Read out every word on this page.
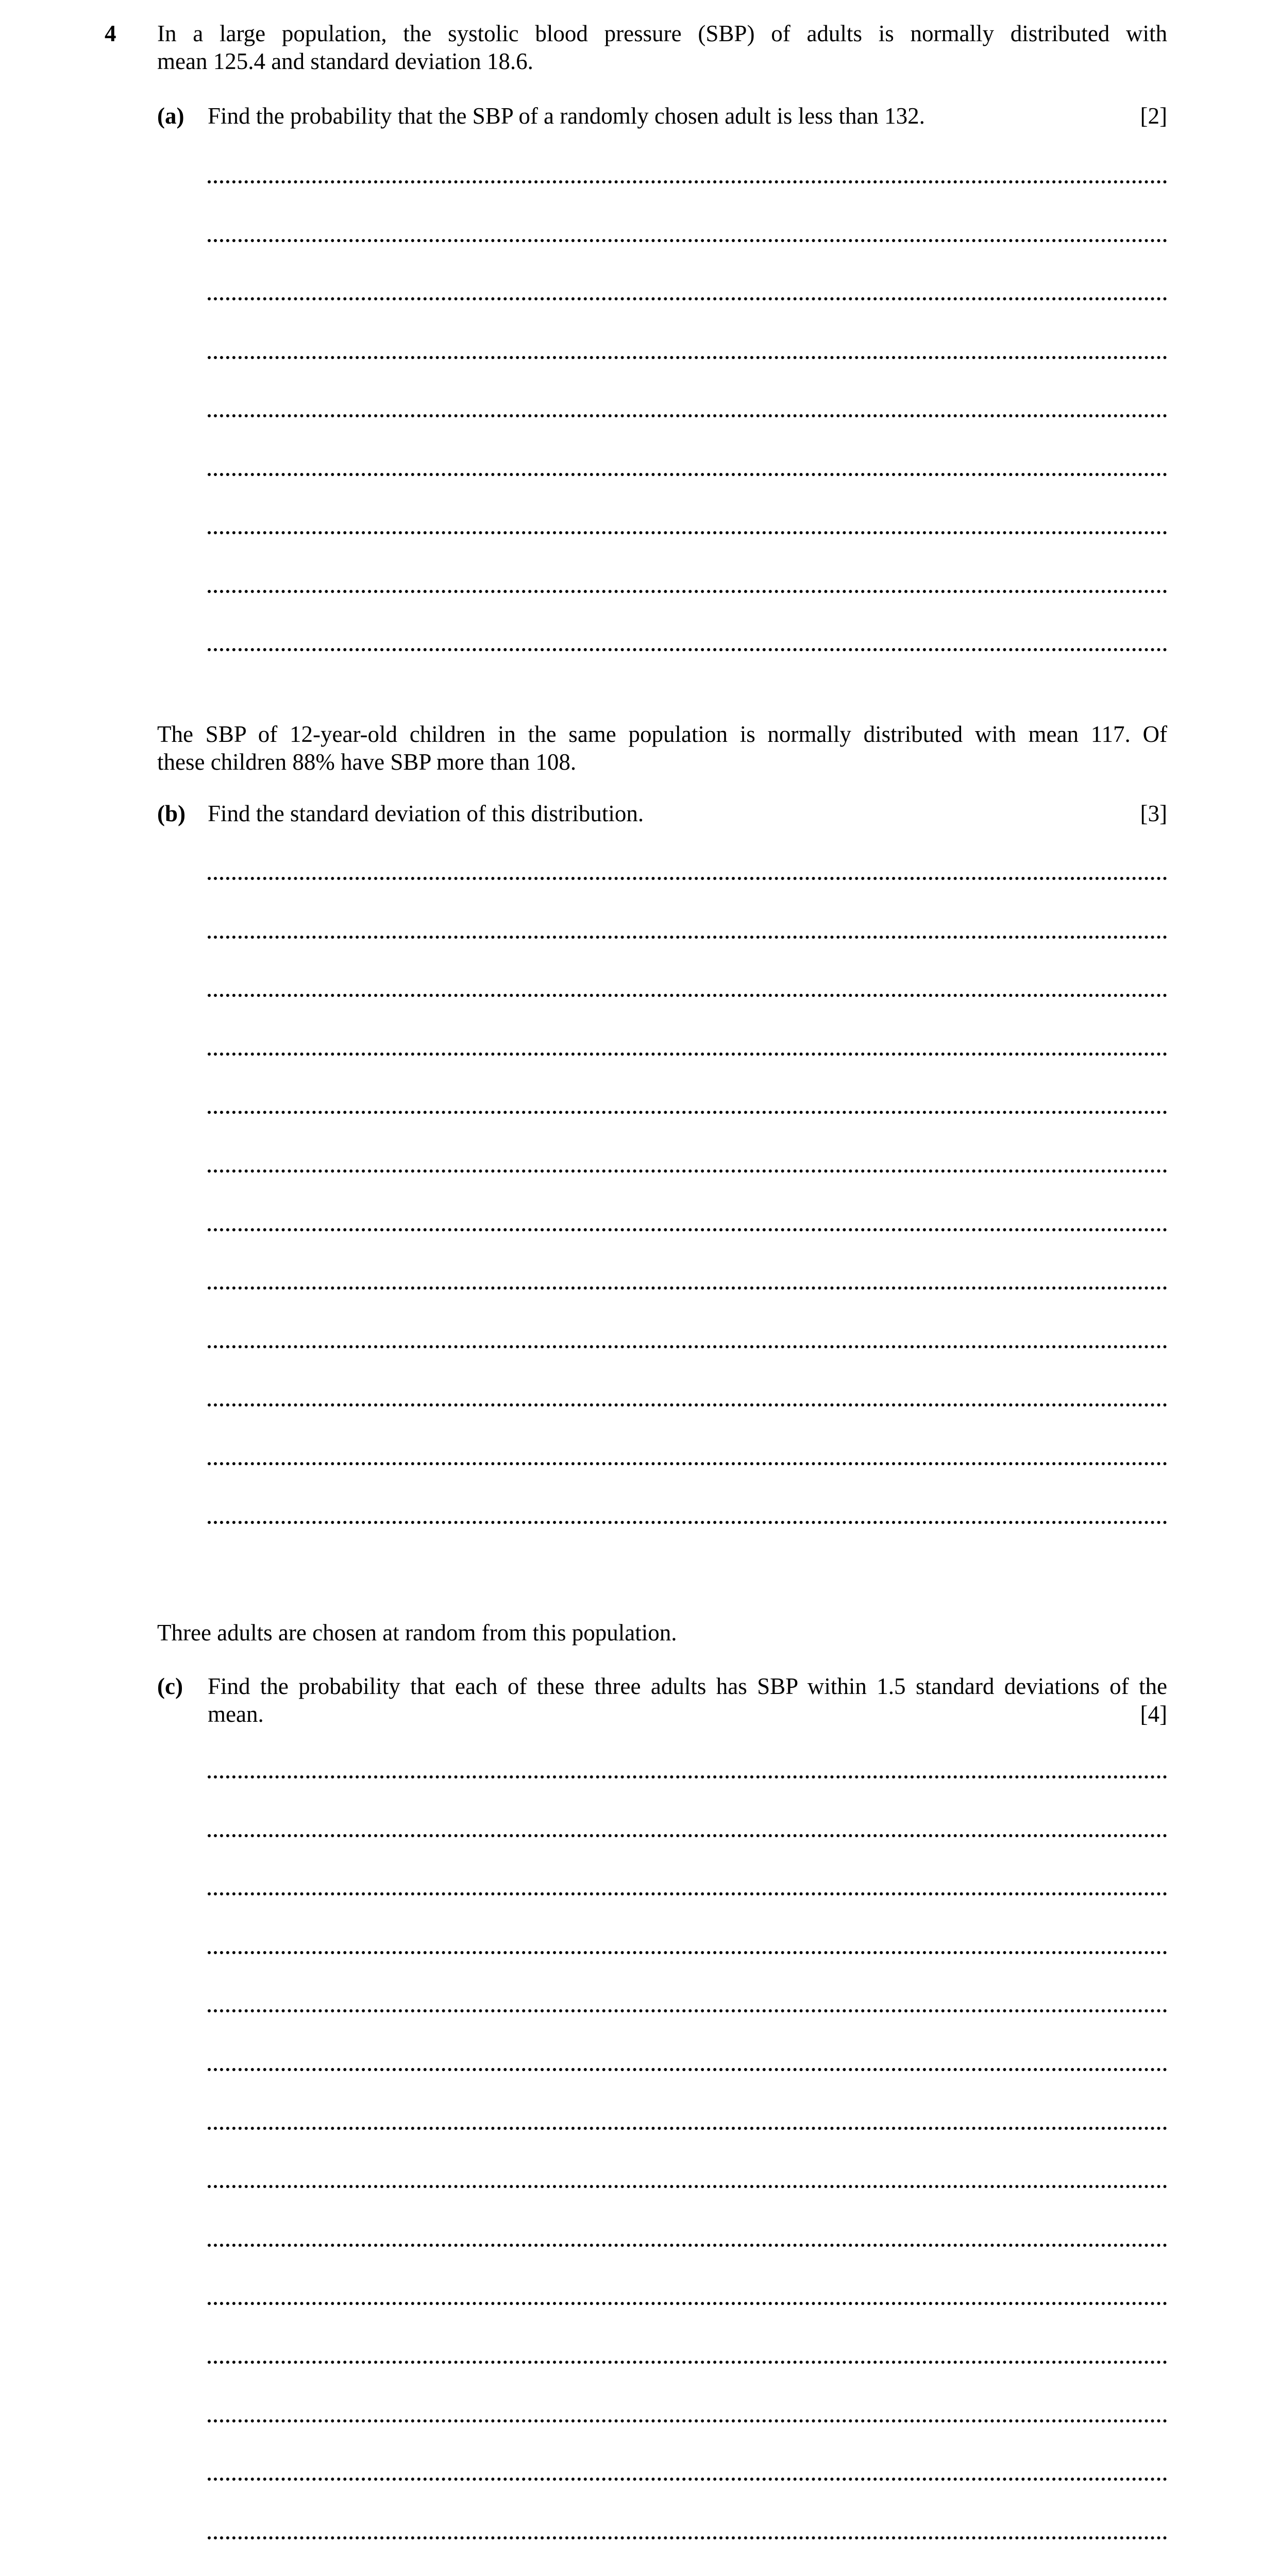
4 In a large population, the systolic blood pressure (SBP) of adults is normally distributed with
mean 125.4 and standard deviation 18.6.
(a) Find the probability that the SBP of a randomly chosen adult is less than 132.	[2]
The SBP of 12-year-old children in the same population is normally distributed with mean 117. Of
these children 88% have SBP more than 108.
(b) Find the standard deviation of this distribution.	[3]
Three adults are chosen at random from this population.
(c) Find the probability that each of these three adults has SBP within 1.5 standard deviations of the
mean.	[4]
